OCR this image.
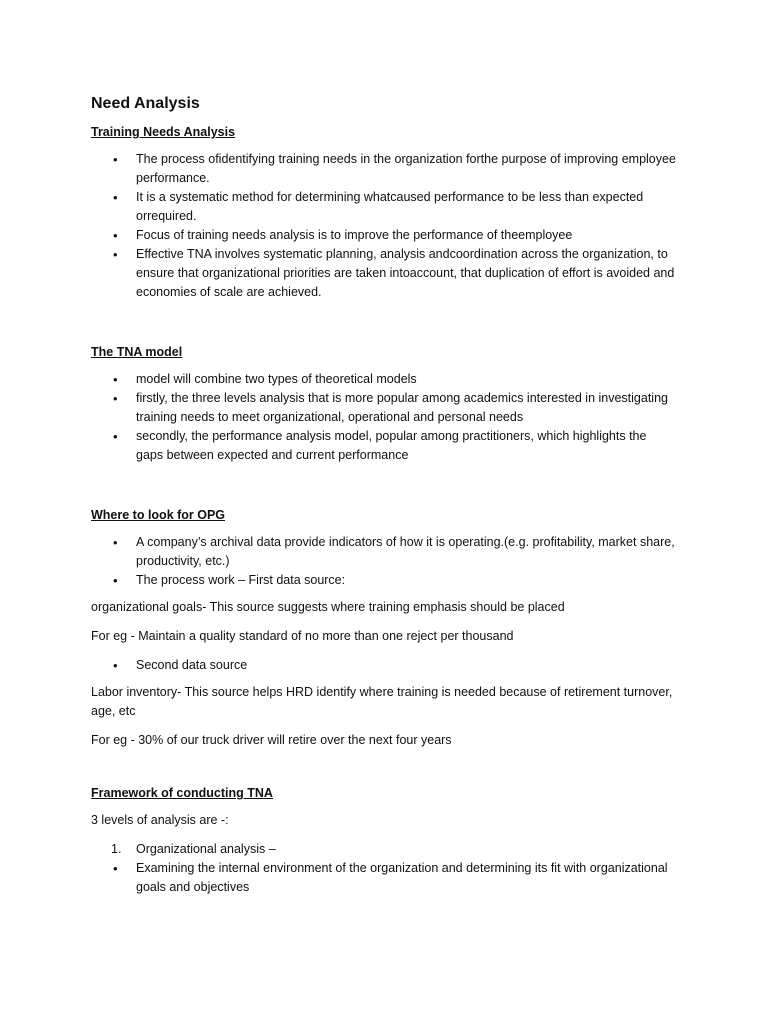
Need Analysis
Training Needs Analysis
• The process ofidentifying training needs in the organization forthe purpose of improving employee performance.
• It is a systematic method for determining whatcaused performance to be less than expected orrequired.
• Focus of training needs analysis is to improve the performance of theemployee
• Effective TNA involves systematic planning, analysis andcoordination across the organization, to ensure that organizational priorities are taken intoaccount, that duplication of effort is avoided and economies of scale are achieved.
The TNA model
• model will combine two types of theoretical models
• firstly, the three levels analysis that is more popular among academics interested in investigating training needs to meet organizational, operational and personal needs
• secondly, the performance analysis model, popular among practitioners, which highlights the gaps between expected and current performance
Where to look for OPG
• A company’s archival data provide indicators of how it is operating.(e.g. profitability, market share, productivity, etc.)
• The process work – First data source:

organizational goals- This source suggests where training emphasis should be placed

For eg - Maintain a quality standard of no more than one reject per thousand

• Second data source

Labor inventory- This source helps HRD identify where training is needed because of retirement turnover, age, etc

For eg - 30% of our truck driver will retire over the next four years

Framework of conducting TNA

3 levels of analysis are -:

1. Organizational analysis –
• Examining the internal environment of the organization and determining its fit with organizational goals and objectives
